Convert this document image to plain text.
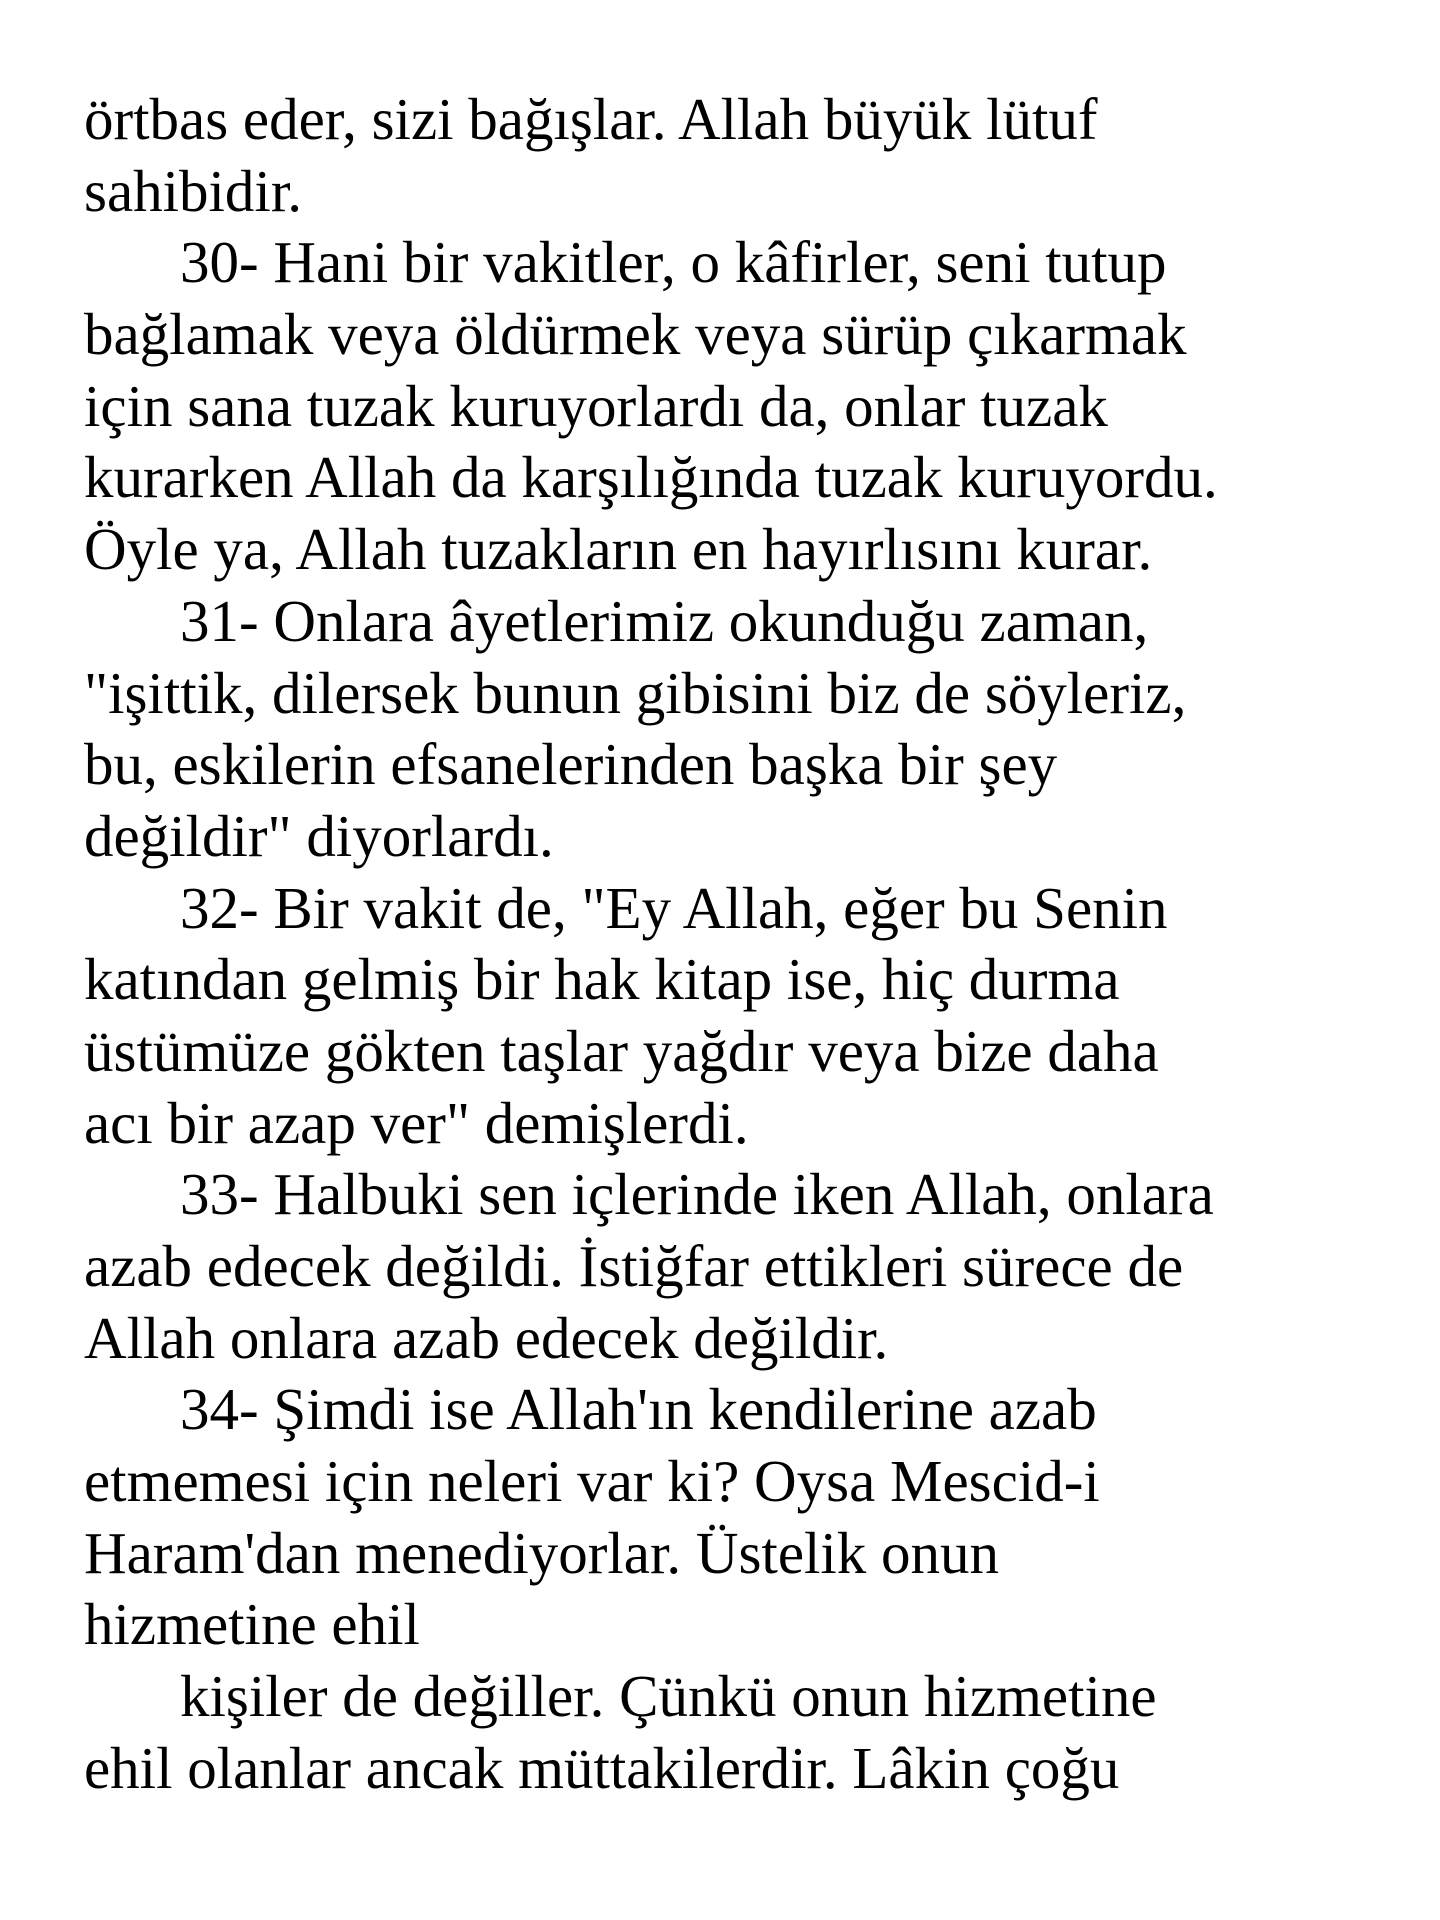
örtbas eder, sizi bağışlar. Allah büyük lütuf
sahibidir.
30- Hani bir vakitler, o kâfirler, seni tutup
bağlamak veya öldürmek veya sürüp çıkarmak
için sana tuzak kuruyorlardı da, onlar tuzak
kurarken Allah da karşılığında tuzak kuruyordu.
Öyle ya, Allah tuzakların en hayırlısını kurar.
31- Onlara âyetlerimiz okunduğu zaman,
"işittik, dilersek bunun gibisini biz de söyleriz,
bu, eskilerin efsanelerinden başka bir şey
değildir" diyorlardı.
32- Bir vakit de, "Ey Allah, eğer bu Senin
katından gelmiş bir hak kitap ise, hiç durma
üstümüze gökten taşlar yağdır veya bize daha
acı bir azap ver" demişlerdi.
33- Halbuki sen içlerinde iken Allah, onlara
azab edecek değildi. İstiğfar ettikleri sürece de
Allah onlara azab edecek değildir.
34- Şimdi ise Allah'ın kendilerine azab
etmemesi için neleri var ki? Oysa Mescid-i
Haram'dan menediyorlar. Üstelik onun
hizmetine ehil
kişiler de değiller. Çünkü onun hizmetine
ehil olanlar ancak müttakilerdir. Lâkin çoğu
